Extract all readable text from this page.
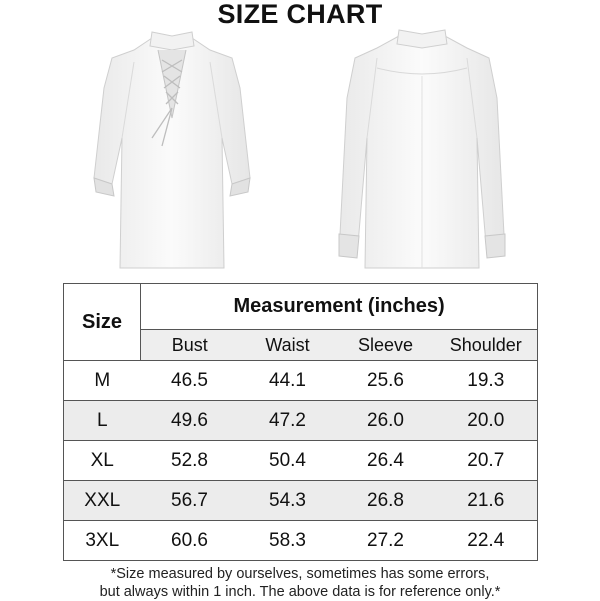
SIZE CHART
Size	Measurement (inches)			
	Bust	Waist	Sleeve	Shoulder
M	46.5	44.1	25.6	19.3
L	49.6	47.2	26.0	20.0
XL	52.8	50.4	26.4	20.7
XXL	56.7	54.3	26.8	21.6
3XL	60.6	58.3	27.2	22.4
*Size measured by ourselves, sometimes has some errors,
but always within 1 inch. The above data is for reference only.*
